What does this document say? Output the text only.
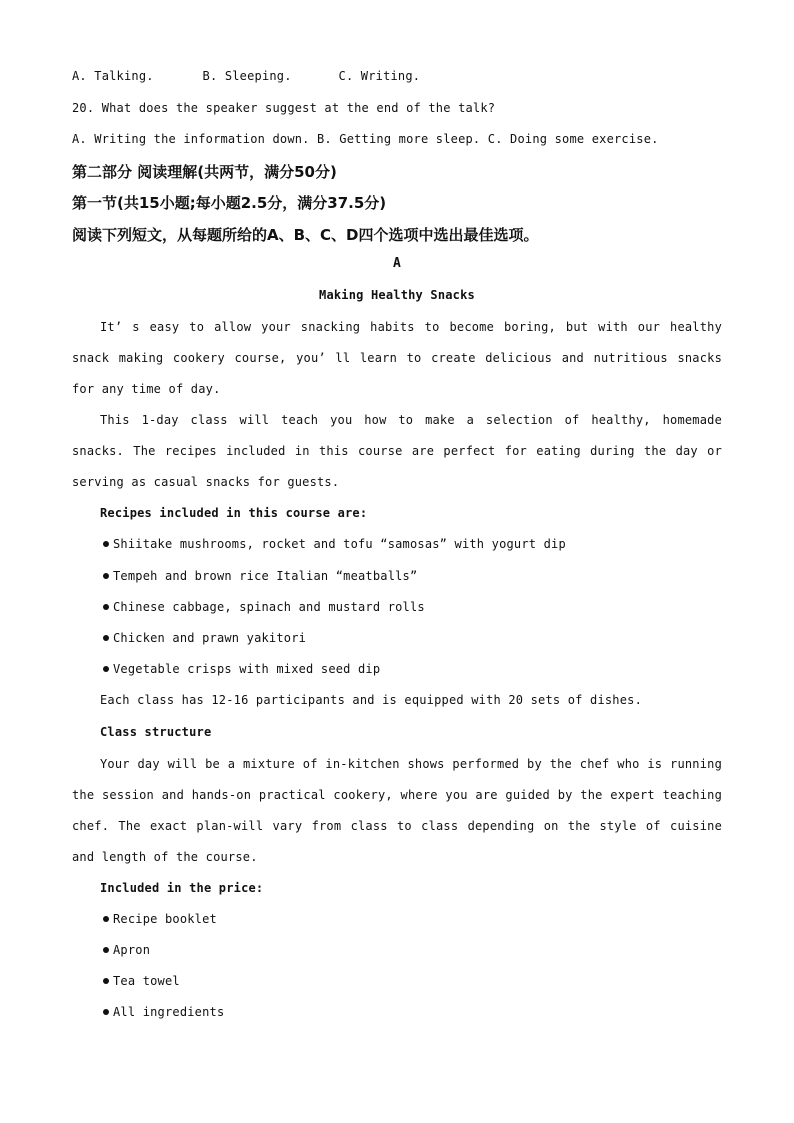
A. Talking.	B. Sleeping.	C. Writing.
20. What does the speaker suggest at the end of the talk?
A. Writing the information down. B. Getting more sleep. C. Doing some exercise.
第二部分 阅读理解(共两节，满分50分)
第一节(共15小题;每小题2.5分，满分37.5分)
阅读下列短文，从每题所给的A、B、C、D四个选项中选出最佳选项。
A
Making Healthy Snacks
It’ s easy to allow your snacking habits to become boring, but with our healthy snack making cookery course, you’ ll learn to create delicious and nutritious snacks for any time of day.
This 1-day class will teach you how to make a selection of healthy, homemade snacks. The recipes included in this course are perfect for eating during the day or serving as casual snacks for guests.
Recipes included in this course are:
Shiitake mushrooms, rocket and tofu “samosas” with yogurt dip
Tempeh and brown rice Italian “meatballs”
Chinese cabbage, spinach and mustard rolls
Chicken and prawn yakitori
Vegetable crisps with mixed seed dip
Each class has 12-16 participants and is equipped with 20 sets of dishes.
Class structure
Your day will be a mixture of in-kitchen shows performed by the chef who is running the session and hands-on practical cookery, where you are guided by the expert teaching chef. The exact plan-will vary from class to class depending on the style of cuisine and length of the course.
Included in the price:
Recipe booklet
Apron
Tea towel
All ingredients
